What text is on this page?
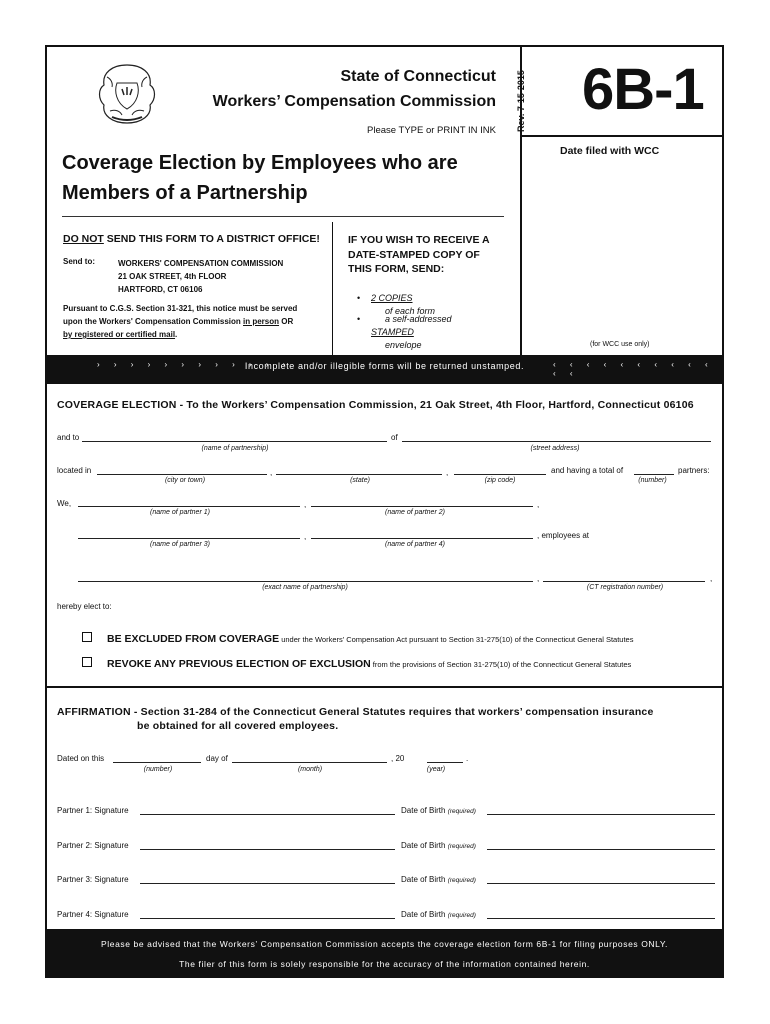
State of Connecticut
Workers’ Compensation Commission
Please TYPE or PRINT IN INK Rev. 7-15-2015 6B-1
Date filed with WCC
(for WCC use only)
Coverage Election by Employees who are
Members of a Partnership
DO NOT SEND THIS FORM TO A DISTRICT OFFICE!
Send to:	WORKERS' COMPENSATION COMMISSION
21 OAK STREET, 4th FLOOR
HARTFORD, CT 06106
Pursuant to C.G.S. Section 31-321, this notice must be served
upon the Workers' Compensation Commission in person OR
by registered or certified mail.
IF YOU WISH TO RECEIVE A
DATE-STAMPED COPY OF
THIS FORM, SEND:
• 2 COPIES
of each form
• a self-addressed
STAMPED

envelope
› › › › › › › › › › › ›
Incomplete and/or illegible forms will be returned unstamped.	‹ ‹ ‹ ‹ ‹ ‹ ‹ ‹ ‹ ‹ ‹ ‹
COVERAGE ELECTION - To the Workers’ Compensation Commission, 21 Oak Street, 4th Floor, Hartford, Connecticut 06106
and to	of
(name of partnership)	(street address)
located in	,	,	and having a total of	partners:
(city or town)	(state)	(zip code)	(number)
We,	,	,
(name of partner 1)	(name of partner 2)
,	, employees at
(name of partner 3)	(name of partner 4)
,	,
(exact name of partnership)	(CT registration number)
hereby elect to:
BE EXCLUDED FROM COVERAGE under the Workers’ Compensation Act pursuant to Section 31-275(10) of the Connecticut General Statutes
REVOKE ANY PREVIOUS ELECTION OF EXCLUSION from the provisions of Section 31-275(10) of the Connecticut General Statutes
AFFIRMATION - Section 31-284 of the Connecticut General Statutes requires that workers’ compensation insurance
be obtained for all covered employees.
Dated on this	day of	, 20	.
(number)	(month)	(year)
Partner 1: Signature	Date of Birth (required)
Partner 2: Signature	Date of Birth (required)
Partner 3: Signature	Date of Birth (required)
Partner 4: Signature	Date of Birth (required)
Please be advised that the Workers’ Compensation Commission accepts the coverage election form 6B-1 for filing purposes ONLY.
The filer of this form is solely responsible for the accuracy of the information contained herein.
